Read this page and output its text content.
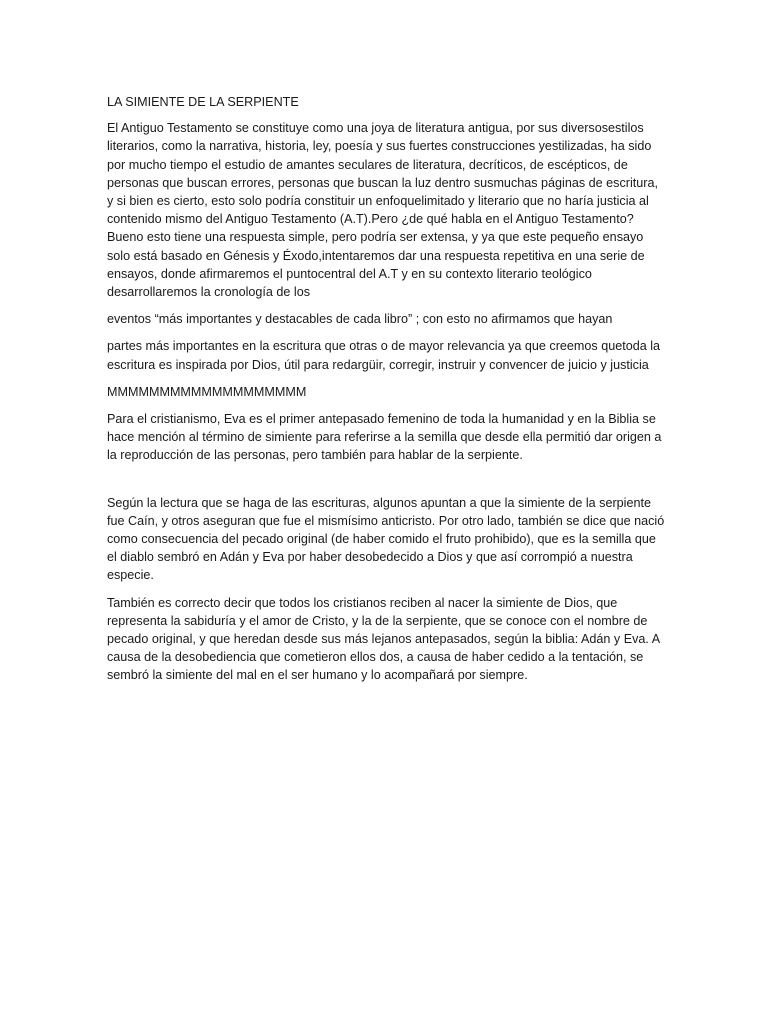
LA SIMIENTE DE LA SERPIENTE

El Antiguo Testamento se constituye como una joya de literatura antigua, por sus diversosestilos literarios, como la narrativa, historia, ley, poesía y sus fuertes construcciones yestilizadas, ha sido por mucho tiempo el estudio de amantes seculares de literatura, decríticos, de escépticos, de personas que buscan errores, personas que buscan la luz dentro susmuchas páginas de escritura, y si bien es cierto, esto solo podría constituir un enfoquelimitado y literario que no haría justicia al contenido mismo del Antiguo Testamento (A.T).Pero ¿de qué habla en el Antiguo Testamento? Bueno esto tiene una respuesta simple, pero podría ser extensa, y ya que este pequeño ensayo solo está basado en Génesis y Éxodo,intentaremos dar una respuesta repetitiva en una serie de ensayos, donde afirmaremos el puntocentral del A.T y en su contexto literario teológico desarrollaremos la cronología de los

eventos “más importantes y destacables de cada libro” ; con esto no afirmamos que hayan

partes más importantes en la escritura que otras o de mayor relevancia ya que creemos quetoda la escritura es inspirada por Dios, útil para redargüir, corregir, instruir y convencer de juicio y justicia

MMMMMMMMMMMMMMMMMMM

Para el cristianismo, Eva es el primer antepasado femenino de toda la humanidad y en la Biblia se hace mención al término de simiente para referirse a la semilla que desde ella permitió dar origen a la reproducción de las personas, pero también para hablar de la serpiente.

Según la lectura que se haga de las escrituras, algunos apuntan a que la simiente de la serpiente fue Caín, y otros aseguran que fue el mismísimo anticristo. Por otro lado, también se dice que nació como consecuencia del pecado original (de haber comido el fruto prohibido), que es la semilla que el diablo sembró en Adán y Eva por haber desobedecido a Dios y que así corrompió a nuestra especie.

También es correcto decir que todos los cristianos reciben al nacer la simiente de Dios, que representa la sabiduría y el amor de Cristo, y la de la serpiente, que se conoce con el nombre de pecado original, y que heredan desde sus más lejanos antepasados, según la biblia: Adán y Eva. A causa de la desobediencia que cometieron ellos dos, a causa de haber cedido a la tentación, se sembró la simiente del mal en el ser humano y lo acompañará por siempre.
